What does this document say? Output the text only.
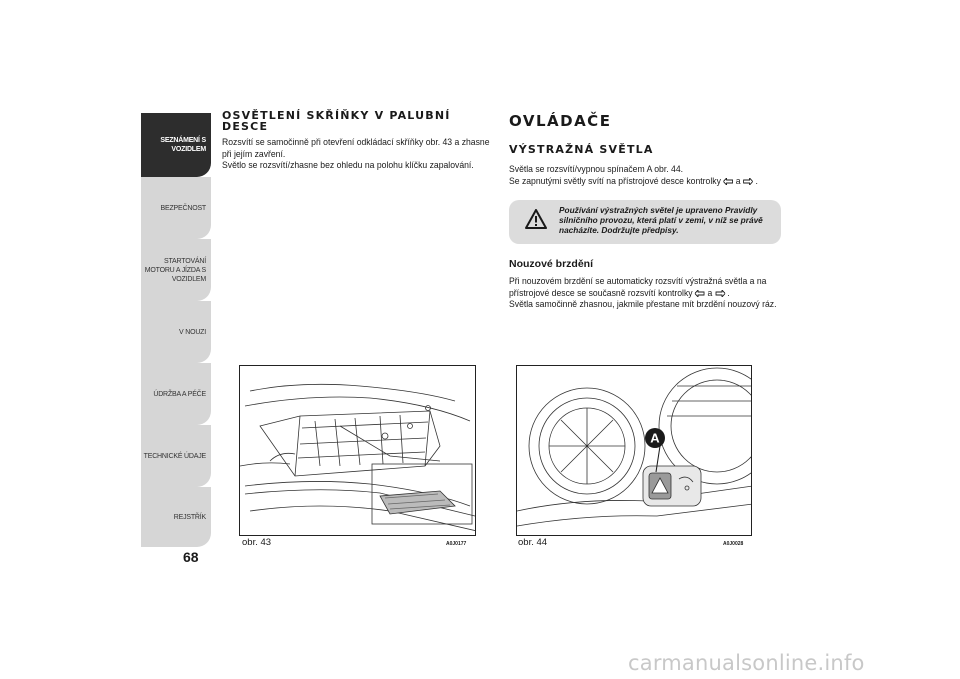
SEZNÁMENÍ S
VOZIDLEM
BEZPEČNOST
STARTOVÁNÍ
MOTORU A JÍZDA S
VOZIDLEM
V NOUZI
ÚDRŽBA A PÉČE
TECHNICKÉ ÚDAJE
REJSTŘÍK
68
OSVĚTLENÍ SKŘÍŇKY V PALUBNÍ DESCE

Rozsvítí se samočinně při otevření odkládací skříňky obr. 43 a zhasne při jejím zavření.

Světlo se rozsvítí/zhasne bez ohledu na polohu klíčku zapalování.

OVLÁDAČE
VÝSTRAŽNÁ SVĚTLA

Světla se rozsvítí/vypnou spínačem A obr. 44.

Se zapnutými světly svítí na přístrojové desce kontrolky a .

Používání výstražných světel je upraveno Pravidly silničního provozu, která platí v zemi, v níž se právě nacházíte. Dodržujte předpisy.
Nouzové brzdění

Při nouzovém brzdění se automaticky rozsvítí výstražná světla a na přístrojové desce se současně rozsvítí kontrolky a .

Světla samočinně zhasnou, jakmile přestane mít brzdění nouzový ráz.

obr. 43	A0J0177
A
obr. 44	A0J0028
carmanualsonline.info
